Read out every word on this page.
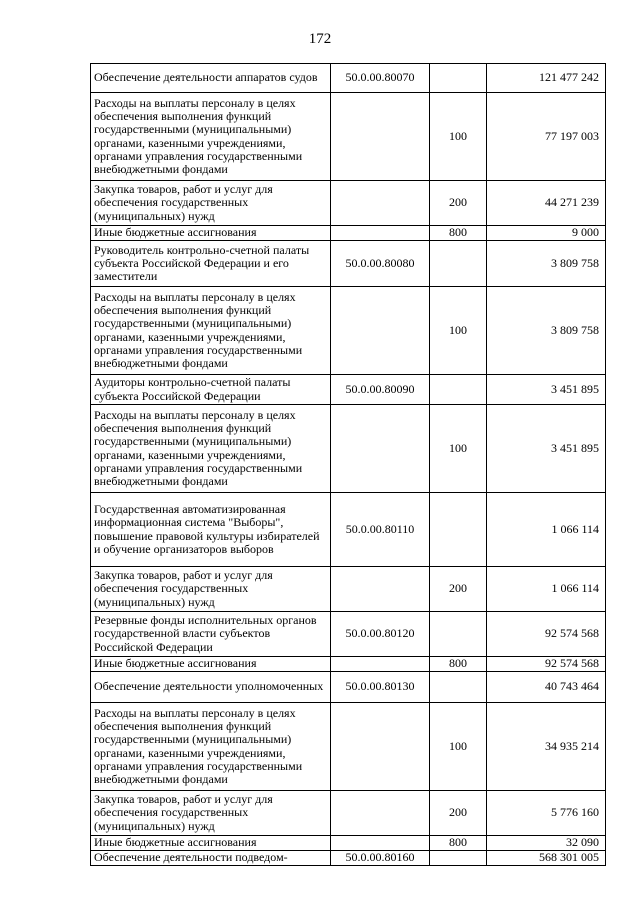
172
Обеспечение деятельности аппаратов судов	50.0.00.80070		121 477 242
Расходы на выплаты персоналу в целях обеспечения выполнения функций государственными (муниципальными) органами, казенными учреждениями, органами управления государственными внебюджетными фондами		100	77 197 003
Закупка товаров, работ и услуг для обеспечения государственных (муниципальных) нужд		200	44 271 239
Иные бюджетные ассигнования		800	9 000
Руководитель контрольно-счетной палаты субъекта Российской Федерации и его заместители	50.0.00.80080		3 809 758
Расходы на выплаты персоналу в целях обеспечения выполнения функций государственными (муниципальными) органами, казенными учреждениями, органами управления государственными внебюджетными фондами		100	3 809 758
Аудиторы контрольно-счетной палаты субъекта Российской Федерации	50.0.00.80090		3 451 895
Расходы на выплаты персоналу в целях обеспечения выполнения функций государственными (муниципальными) органами, казенными учреждениями, органами управления государственными внебюджетными фондами		100	3 451 895
Государственная автоматизированная информационная система "Выборы", повышение правовой культуры избирателей и обучение организаторов выборов	50.0.00.80110		1 066 114
Закупка товаров, работ и услуг для обеспечения государственных (муниципальных) нужд		200	1 066 114
Резервные фонды исполнительных органов государственной власти субъектов Российской Федерации	50.0.00.80120		92 574 568
Иные бюджетные ассигнования		800	92 574 568
Обеспечение деятельности уполномоченных	50.0.00.80130		40 743 464
Расходы на выплаты персоналу в целях обеспечения выполнения функций государственными (муниципальными) органами, казенными учреждениями, органами управления государственными внебюджетными фондами		100	34 935 214
Закупка товаров, работ и услуг для обеспечения государственных (муниципальных) нужд		200	5 776 160
Иные бюджетные ассигнования		800	32 090
Обеспечение деятельности подведом-	50.0.00.80160		568 301 005
